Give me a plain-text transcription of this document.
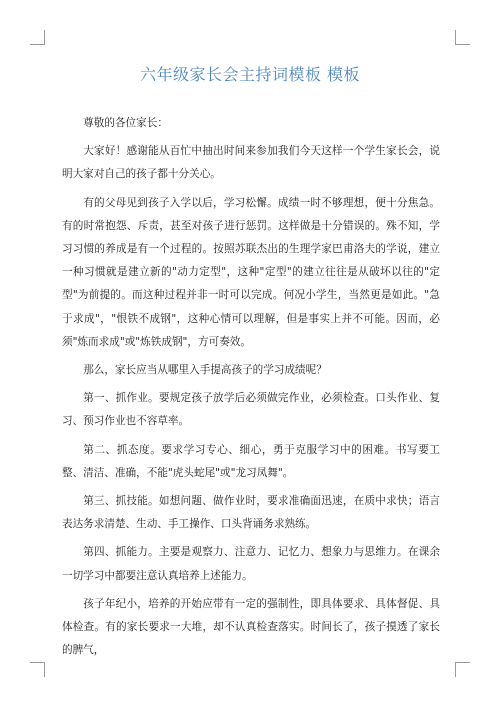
六年级家长会主持词模板 模板

尊敬的各位家长：

大家好！感谢能从百忙中抽出时间来参加我们今天这样一个学生家长会，说明大家对自己的孩子都十分关心。

有的父母见到孩子入学以后，学习松懈。成绩一时不够理想，便十分焦急。有的时常抱怨、斥责，甚至对孩子进行惩罚。这样做是十分错误的。殊不知，学习习惯的养成是有一个过程的。按照苏联杰出的生理学家巴甫洛夫的学说，建立一种习惯就是建立新的"动力定型"，这种"定型"的建立往往是从破坏以往的"定型"为前提的。而这种过程并非一时可以完成。何况小学生，当然更是如此。"急于求成"，"恨铁不成钢"，这种心情可以理解，但是事实上并不可能。因而，必须"炼而求成"或"炼铁成钢"，方可奏效。

那么，家长应当从哪里入手提高孩子的学习成绩呢？

第一、抓作业。要规定孩子放学后必须做完作业，必须检查。口头作业、复习、预习作业也不容草率。

第二、抓态度。要求学习专心、细心，勇于克服学习中的困难。书写要工整、清洁、准确，不能"虎头蛇尾"或"龙习凤舞"。

第三、抓技能。如想问题、做作业时，要求准确面迅速，在质中求快；语言表达务求清楚、生动、手工操作、口头背诵务求熟练。

第四、抓能力。主要是观察力、注意力、记忆力、想象力与思维力。在课余一切学习中都要注意认真培养上述能力。

孩子年纪小，培养的开始应带有一定的强制性，即具体要求、具体督促、具体检查。有的家长要求一大堆，却不认真检查落实。时间长了，孩子摸透了家长的脾气，
